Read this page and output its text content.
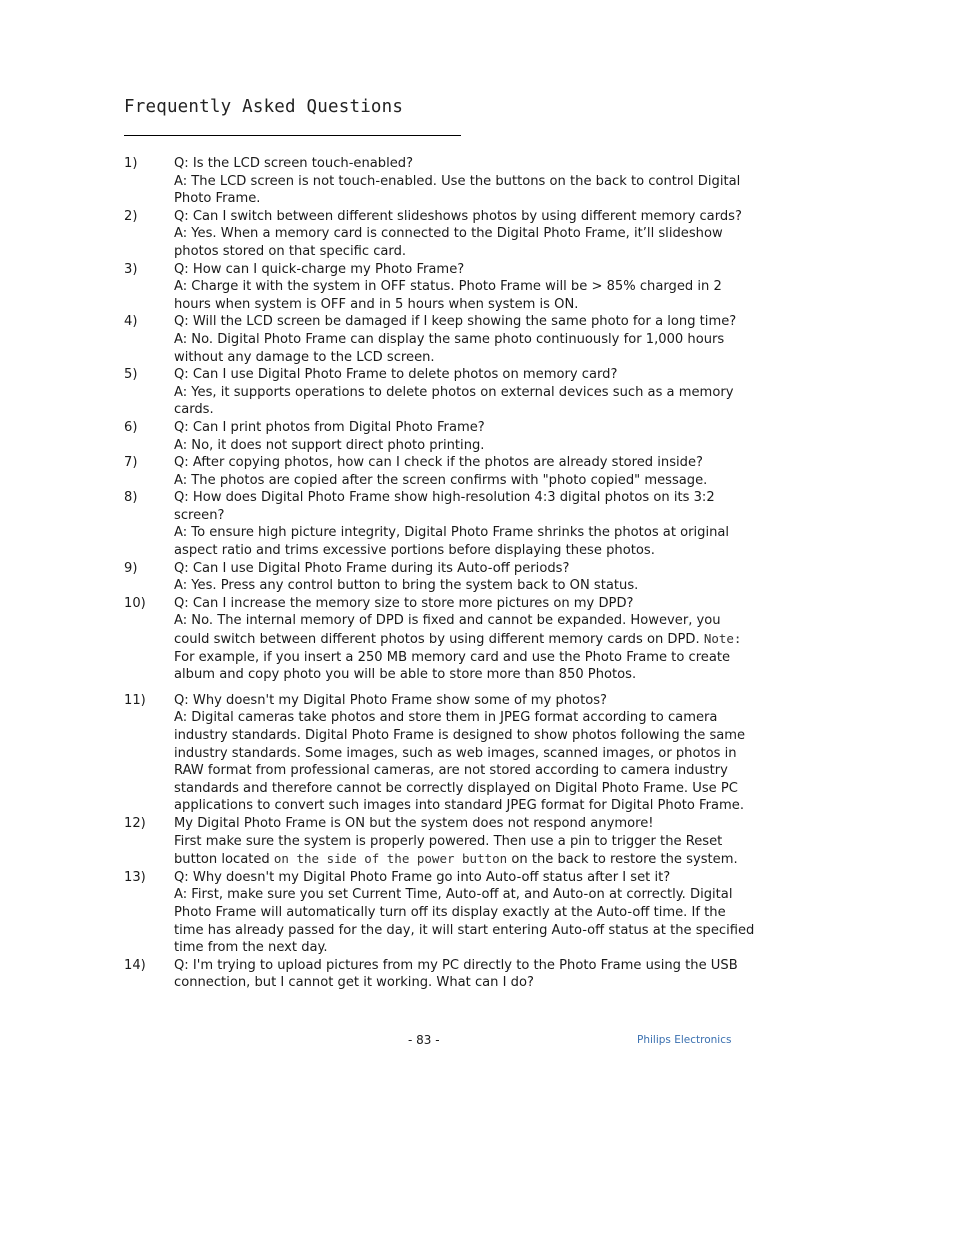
Frequently Asked Questions
1)	Q: Is the LCD screen touch-enabled?
A: The LCD screen is not touch-enabled. Use the buttons on the back to control Digital
Photo Frame.
2)	Q: Can I switch between different slideshows photos by using different memory cards?
A: Yes. When a memory card is connected to the Digital Photo Frame, it’ll slideshow
photos stored on that specific card.
3)	Q: How can I quick-charge my Photo Frame?
A: Charge it with the system in OFF status. Photo Frame will be > 85% charged in 2
hours when system is OFF and in 5 hours when system is ON.
4)	Q: Will the LCD screen be damaged if I keep showing the same photo for a long time?
A: No. Digital Photo Frame can display the same photo continuously for 1,000 hours
without any damage to the LCD screen.
5)	Q: Can I use Digital Photo Frame to delete photos on memory card?
A: Yes, it supports operations to delete photos on external devices such as a memory
cards.
6)	Q: Can I print photos from Digital Photo Frame?
A: No, it does not support direct photo printing.
7)	Q: After copying photos, how can I check if the photos are already stored inside?
A: The photos are copied after the screen confirms with "photo copied" message.
8)	Q: How does Digital Photo Frame show high-resolution 4:3 digital photos on its 3:2
screen?
A: To ensure high picture integrity, Digital Photo Frame shrinks the photos at original
aspect ratio and trims excessive portions before displaying these photos.
9)	Q: Can I use Digital Photo Frame during its Auto-off periods?
A: Yes. Press any control button to bring the system back to ON status.
10) Q: Can I increase the memory size to store more pictures on my DPD?
A: No. The internal memory of DPD is fixed and cannot be expanded. However, you
could switch between different photos by using different memory cards on DPD. Note:
For example, if you insert a 250 MB memory card and use the Photo Frame to create
album and copy photo you will be able to store more than 850 Photos.
11) Q: Why doesn't my Digital Photo Frame show some of my photos?
A: Digital cameras take photos and store them in JPEG format according to camera
industry standards. Digital Photo Frame is designed to show photos following the same
industry standards. Some images, such as web images, scanned images, or photos in
RAW format from professional cameras, are not stored according to camera industry
standards and therefore cannot be correctly displayed on Digital Photo Frame. Use PC
applications to convert such images into standard JPEG format for Digital Photo Frame.
12) My Digital Photo Frame is ON but the system does not respond anymore!
First make sure the system is properly powered. Then use a pin to trigger the Reset
button located on the side of the power button on the back to restore the system.
13) Q: Why doesn't my Digital Photo Frame go into Auto-off status after I set it?
A: First, make sure you set Current Time, Auto-off at, and Auto-on at correctly. Digital
Photo Frame will automatically turn off its display exactly at the Auto-off time. If the
time has already passed for the day, it will start entering Auto-off status at the specified
time from the next day.
14) Q: I'm trying to upload pictures from my PC directly to the Photo Frame using the USB
connection, but I cannot get it working. What can I do?
- 83 -	Philips Electronics
